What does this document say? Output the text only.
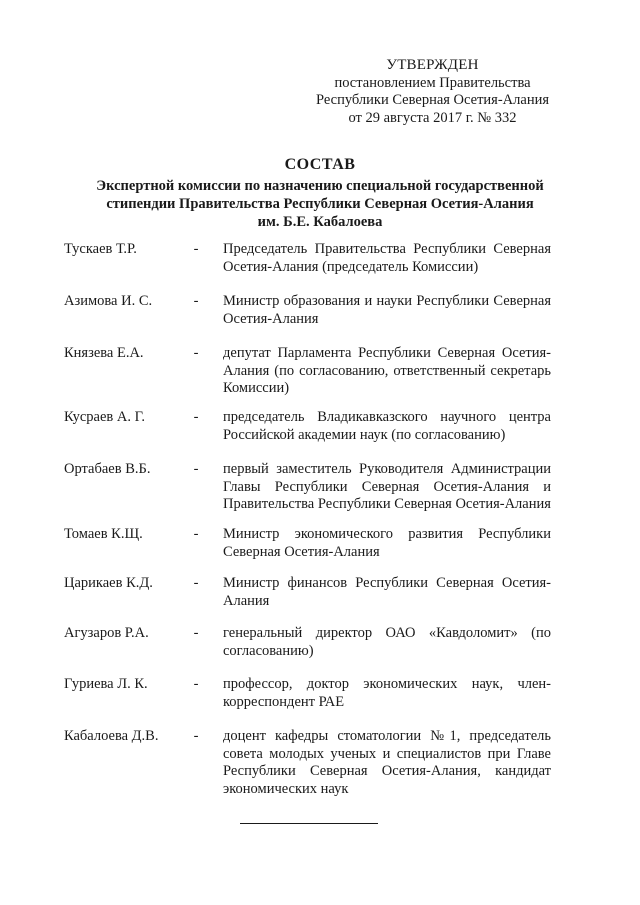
УТВЕРЖДЕН
постановлением Правительства
Республики Северная Осетия-Алания
от 29 августа 2017 г. № 332
СОСТАВ
Экспертной комиссии по назначению специальной государственной
стипендии Правительства Республики Северная Осетия-Алания
им. Б.Е. Кабалоева
Тускаев Т.Р.	- Председатель Правительства Республики Северная Осетия-Алания (председатель Комиссии)
Азимова И. С.	- Министр образования и науки Республики Северная Осетия-Алания
Князева Е.А.	- депутат Парламента Республики Северная Осетия-Алания (по согласованию, ответственный секретарь Комиссии)
Кусраев А. Г.	- председатель Владикавказского научного центра Российской академии наук (по согласованию)
Ортабаев В.Б.	- первый заместитель Руководителя Администрации Главы Республики Северная Осетия-Алания и Правительства Республики Северная Осетия-Алания
Томаев К.Щ.	- Министр экономического развития Республики Северная Осетия-Алания
Царикаев К.Д.	- Министр финансов Республики Северная Осетия-Алания
Агузаров Р.А.	- генеральный директор ОАО «Кавдоломит» (по согласованию)
Гуриева Л. К.	- профессор, доктор экономических наук, член-корреспондент РАЕ
Кабалоева Д.В.	- доцент кафедры стоматологии №1, председатель совета молодых ученых и специалистов при Главе Республики Северная Осетия-Алания, кандидат экономических наук
